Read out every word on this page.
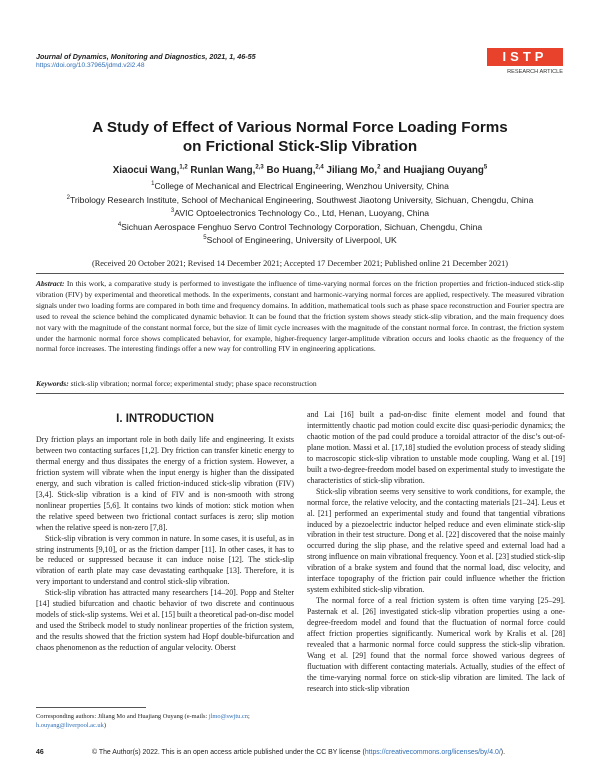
Journal of Dynamics, Monitoring and Diagnostics, 2021, 1, 46-55
https://doi.org/10.37965/jdmd.v2i2.48
ISTP
RESEARCH ARTICLE
A Study of Effect of Various Normal Force Loading Forms
on Frictional Stick-Slip Vibration
Xiaocui Wang,$^{1,2}$ Runlan Wang,$^{2,3}$ Bo Huang,$^{2,4}$ Jiliang Mo,$^2$ and Huajiang Ouyang$^5$
$^1$College of Mechanical and Electrical Engineering, Wenzhou University, China
$^2$Tribology Research Institute, School of Mechanical Engineering, Southwest Jiaotong University, Sichuan, Chengdu, China
$^3$AVIC Optoelectronics Technology Co., Ltd, Henan, Luoyang, China
$^4$Sichuan Aerospace Fenghuo Servo Control Technology Corporation, Sichuan, Chengdu, China
$^5$School of Engineering, University of Liverpool, UK
(Received 20 October 2021; Revised 14 December 2021; Accepted 17 December 2021; Published online 21 December 2021)
Abstract: In this work, a comparative study is performed to investigate the influence of time-varying normal forces on the friction properties and friction-induced stick-slip vibration (FIV) by experimental and theoretical methods. In the experiments, constant and harmonic-varying normal forces are applied, respectively. The measured vibration signals under two loading forms are compared in both time and frequency domains. In addition, mathematical tools such as phase space reconstruction and Fourier spectra are used to reveal the science behind the complicated dynamic behavior. It can be found that the friction system shows steady stick-slip vibration, and the main frequency does not vary with the magnitude of the constant normal force, but the size of limit cycle increases with the magnitude of the constant normal force. In contrast, the friction system under the harmonic normal force shows complicated behavior, for example, higher-frequency larger-amplitude vibration occurs and looks chaotic as the frequency of the normal force increases. The interesting findings offer a new way for controlling FIV in engineering applications.
Keywords: stick-slip vibration; normal force; experimental study; phase space reconstruction
I. INTRODUCTION

Dry friction plays an important role in both daily life and engineering. It exists between two contacting surfaces [1,2]. Dry friction can transfer kinetic energy to thermal energy and thus dissipates the energy of a friction system. However, a friction system will vibrate when the input energy is higher than the dissipated energy, and such vibration is called friction-induced stick-slip vibration (FIV) [3,4]. Stick-slip vibration is a kind of FIV and is non-smooth with strong nonlinear properties [5,6]. It contains two kinds of motion: stick motion when the relative speed between two frictional contact surfaces is zero; slip motion when the relative speed is non-zero [7,8].

Stick-slip vibration is very common in nature. In some cases, it is useful, as in string instruments [9,10], or as the friction damper [11]. In other cases, it has to be reduced or suppressed because it can induce noise [12]. The stick-slip vibration of earth plate may case devastating earthquake [13]. Therefore, it is very important to understand and control stick-slip vibration.

Stick-slip vibration has attracted many researchers [14–20]. Popp and Stelter [14] studied bifurcation and chaotic behavior of two discrete and continuous models of stick-slip systems. Wei et al. [15] built a theoretical pad-on-disc model and used the Stribeck model to study nonlinear properties of the friction system, and the results showed that the friction system had Hopf double-bifurcation and chaos phenomenon as the reduction of angular velocity. Oberst

and Lai [16] built a pad-on-disc finite element model and found that intermittently chaotic pad motion could excite disc quasi-periodic dynamics; the chaotic motion of the pad could produce a toroidal attractor of the disc’s out-of-plane motion. Massi et al. [17,18] studied the evolution process of steady sliding to macroscopic stick-slip vibration to unstable mode coupling. Wang et al. [19] built a two-degree-freedom model based on experimental study to investigate the characteristics of stick-slip vibration.

Stick-slip vibration seems very sensitive to work conditions, for example, the normal force, the relative velocity, and the contacting materials [21–24]. Leus et al. [21] performed an experimental study and found that tangential vibrations induced by a piezoelectric inductor helped reduce and even eliminate stick-slip vibration in their test structure. Dong et al. [22] discovered that the noise mainly occurred during the slip phase, and the relative speed and external load had a strong influence on main vibrational frequency. Yoon et al. [23] studied stick-slip vibration of a brake system and found that the normal load, disc velocity, and interface topography of the friction pair could influence whether the friction system exhibited stick-slip vibration.

The normal force of a real friction system is often time varying [25–29]. Pasternak et al. [26] investigated stick-slip vibration properties using a one-degree-freedom model and found that the fluctuation of normal force could affect friction properties significantly. Numerical work by Kralis et al. [28] revealed that a harmonic normal force could suppress the stick-slip vibration. Wang et al. [29] found that the normal force showed various degrees of fluctuation with different contacting materials. Actually, studies of the effect of the time-varying normal force on stick-slip vibration are limited. The lack of research into stick-slip vibration

Corresponding authors: Jiliang Mo and Huajiang Ouyang (e-mails: jlmo@swjtu.cn;
h.ouyang@liverpool.ac.uk)
46	© The Author(s) 2022. This is an open access article published under the CC BY license (https://creativecommons.org/licenses/by/4.0/).
